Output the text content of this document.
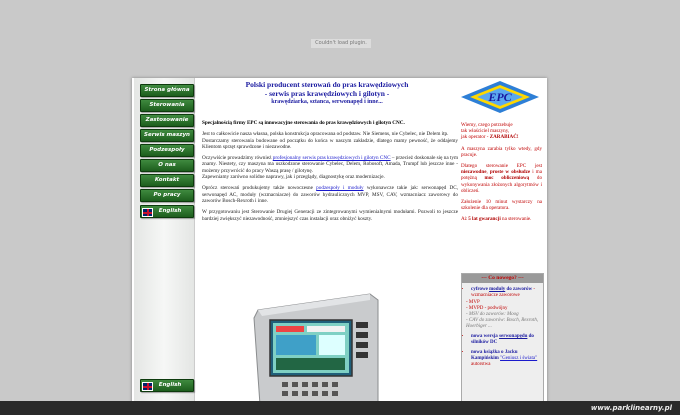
Couldn't load plugin.
Strona główna
Sterowania
Zastosowanie
Serwis maszyn
Podzespoły
O nas
Kontakt
Po pracy
English
English
Polski producent sterowań do pras krawędziowych
- serwis pras krawędziowych i gilotyn -
krawędziarka, sztanca, serwonapęd i inne...	EPC

Specjalnością firmy EPC są innowacyjne sterowania do pras krawędziowych i gilotyn CNC.

Jest to całkowicie nasza własna, polska konstrukcja opracowana od podstaw. Nie Siemens, nie Cybelec, nie Delem itp.
Dostarczamy sterowania budowane od początku do końca w naszym zakładzie, dlatego mamy pewność, że oddajemy Klientom sprzęt sprawdzone i niezawodne.

Oczywiście prowadzimy również profesjonalny serwis pras krawędziowych i gilotyn CNC – przecież doskonale się na tym znamy. Niestety, czy maszyna ma uszkodzone sterowanie Cybelec, Delem, Robosoft, Amada, Trumpf lub jeszcze inne - możemy przywrócić do pracy Waszą prasę / gilotynę.
Zapewniamy zarówno solidne naprawy, jak i przeglądy, diagnostykę oraz modernizacje.

Oprócz sterowań produkujemy także nowoczesne podzespoły i moduły wykonawcze takie jak: serwonapęd DC, serwonapęd AC, moduły (wzmacniacze) do zaworów hydraulicznych MVP, MSV, CAV, wzmacniacz zaworowy do zaworów Bosch-Rexroth i inne.

W przygotowaniu jest Sterowanie Drugiej Generacji ze zintegrowanymi wymienialnymi modułami. Pozwoli to jeszcze bardziej zwiększyć niezawodność, zmniejszyć czas instalacji oraz obniżyć koszty.

Wiemy, czego potrzebuje
tak właściciel maszyny,
jak operator - ZARABIAĆ!

A maszyna zarabia tylko wtedy, gdy pracuje.

Dlatego sterowanie EPC jest niezawodne, proste w obsłudze i ma potężną moc obliczeniową do wykonywania złożonych algorytmów i obliczeń.

Założenie 10 minut wystarczy na szkolenie dla operatora.

Aż 5 lat gwarancji na sterowanie.

--- Co nowego? ---
• cyfrowe moduły do zaworów - wzmacniacze zaworowe
- MVP
- MVPD - podwójny
- MSV do zaworów: Moog
- CAV do zaworów: Bosch, Rexroth, Hoerbiger ...
• nowa wersja serwonapędu do silników DC
• nowa książka o Jacku Kampińskim "Geniusz i świata" autorstwa
www.parklinearny.pl
